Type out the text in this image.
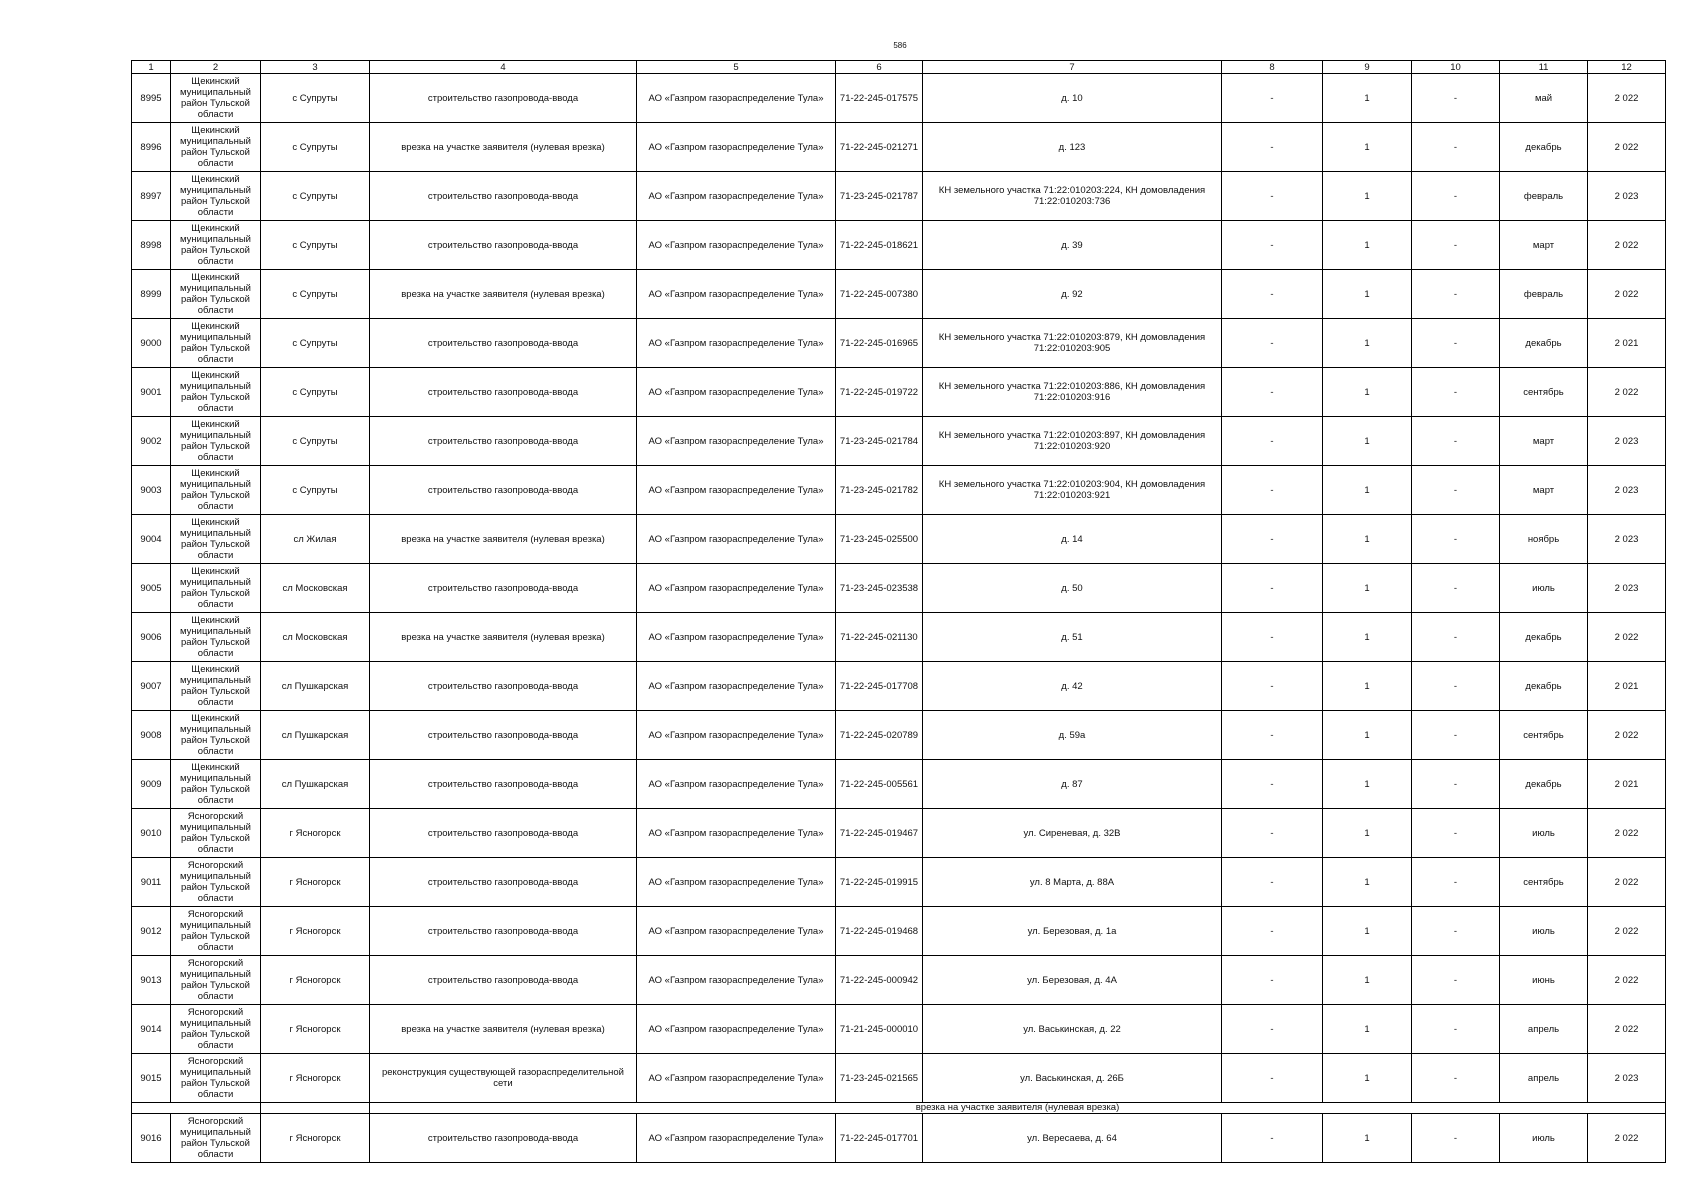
586
1	2	3	4	5	6	7	8	9	10	11	12
8995	Щекинский муниципальный район Тульской области	с Супруты	строительство газопровода-ввода	АО «Газпром газораспределение Тула»	71-22-245-017575	д. 10	-	1	-	май	2 022
8996	Щекинский муниципальный район Тульской области	с Супруты	врезка на участке заявителя (нулевая врезка)	АО «Газпром газораспределение Тула»	71-22-245-021271	д. 123	-	1	-	декабрь	2 022
8997	Щекинский муниципальный район Тульской области	с Супруты	строительство газопровода-ввода	АО «Газпром газораспределение Тула»	71-23-245-021787	КН земельного участка 71:22:010203:224, КН домовладения 71:22:010203:736	-	1	-	февраль	2 023
8998	Щекинский муниципальный район Тульской области	с Супруты	строительство газопровода-ввода	АО «Газпром газораспределение Тула»	71-22-245-018621	д. 39	-	1	-	март	2 022
8999	Щекинский муниципальный район Тульской области	с Супруты	врезка на участке заявителя (нулевая врезка)	АО «Газпром газораспределение Тула»	71-22-245-007380	д. 92	-	1	-	февраль	2 022
9000	Щекинский муниципальный район Тульской области	с Супруты	строительство газопровода-ввода	АО «Газпром газораспределение Тула»	71-22-245-016965	КН земельного участка 71:22:010203:879, КН домовладения 71:22:010203:905	-	1	-	декабрь	2 021
9001	Щекинский муниципальный район Тульской области	с Супруты	строительство газопровода-ввода	АО «Газпром газораспределение Тула»	71-22-245-019722	КН земельного участка 71:22:010203:886, КН домовладения 71:22:010203:916	-	1	-	сентябрь	2 022
9002	Щекинский муниципальный район Тульской области	с Супруты	строительство газопровода-ввода	АО «Газпром газораспределение Тула»	71-23-245-021784	КН земельного участка 71:22:010203:897, КН домовладения 71:22:010203:920	-	1	-	март	2 023
9003	Щекинский муниципальный район Тульской области	с Супруты	строительство газопровода-ввода	АО «Газпром газораспределение Тула»	71-23-245-021782	КН земельного участка 71:22:010203:904, КН домовладения 71:22:010203:921	-	1	-	март	2 023
9004	Щекинский муниципальный район Тульской области	сл Жилая	врезка на участке заявителя (нулевая врезка)	АО «Газпром газораспределение Тула»	71-23-245-025500	д. 14	-	1	-	ноябрь	2 023
9005	Щекинский муниципальный район Тульской области	сл Московская	строительство газопровода-ввода	АО «Газпром газораспределение Тула»	71-23-245-023538	д. 50	-	1	-	июль	2 023
9006	Щекинский муниципальный район Тульской области	сл Московская	врезка на участке заявителя (нулевая врезка)	АО «Газпром газораспределение Тула»	71-22-245-021130	д. 51	-	1	-	декабрь	2 022
9007	Щекинский муниципальный район Тульской области	сл Пушкарская	строительство газопровода-ввода	АО «Газпром газораспределение Тула»	71-22-245-017708	д. 42	-	1	-	декабрь	2 021
9008	Щекинский муниципальный район Тульской области	сл Пушкарская	строительство газопровода-ввода	АО «Газпром газораспределение Тула»	71-22-245-020789	д. 59а	-	1	-	сентябрь	2 022
9009	Щекинский муниципальный район Тульской области	сл Пушкарская	строительство газопровода-ввода	АО «Газпром газораспределение Тула»	71-22-245-005561	д. 87	-	1	-	декабрь	2 021
9010	Ясногорский муниципальный район Тульской области	г Ясногорск	строительство газопровода-ввода	АО «Газпром газораспределение Тула»	71-22-245-019467	ул. Сиреневая, д. 32В	-	1	-	июль	2 022
9011	Ясногорский муниципальный район Тульской области	г Ясногорск	строительство газопровода-ввода	АО «Газпром газораспределение Тула»	71-22-245-019915	ул. 8 Марта, д. 88А	-	1	-	сентябрь	2 022
9012	Ясногорский муниципальный район Тульской области	г Ясногорск	строительство газопровода-ввода	АО «Газпром газораспределение Тула»	71-22-245-019468	ул. Березовая, д. 1а	-	1	-	июль	2 022
9013	Ясногорский муниципальный район Тульской области	г Ясногорск	строительство газопровода-ввода	АО «Газпром газораспределение Тула»	71-22-245-000942	ул. Березовая, д. 4А	-	1	-	июнь	2 022
9014	Ясногорский муниципальный район Тульской области	г Ясногорск	врезка на участке заявителя (нулевая врезка)	АО «Газпром газораспределение Тула»	71-21-245-000010	ул. Васькинская, д. 22	-	1	-	апрель	2 022
9015	Ясногорский муниципальный район Тульской области	г Ясногорск	реконструкция существующей газораспределительной сети	АО «Газпром газораспределение Тула»	71-23-245-021565	ул. Васькинская, д. 26Б	-	1	-	апрель	2 023
			врезка на участке заявителя (нулевая врезка)								
9016	Ясногорский муниципальный район Тульской области	г Ясногорск	строительство газопровода-ввода	АО «Газпром газораспределение Тула»	71-22-245-017701	ул. Вересаева, д. 64	-	1	-	июль	2 022
